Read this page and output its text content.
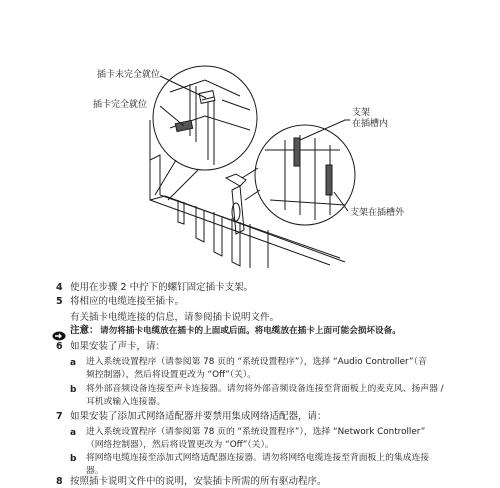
插卡未完全就位
插卡完全就位
支架
在插槽内
支架在插槽外
4 使用在步骤 2 中拧下的螺钉固定插卡支架。
5 将相应的电缆连接至插卡。
有关插卡电缆连接的信息，请参阅插卡说明文件。
注意： 请勿将插卡电缆放在插卡的上面或后面。将电缆放在插卡上面可能会损坏设备。
6 如果安装了声卡，请：
a 进入系统设置程序（请参阅第 78 页的 “系统设置程序”），选择 “Audio Controller”（音
频控制器），然后将设置更改为 “Off”（关）。
b 将外部音频设备连接至声卡连接器。请勿将外部音频设备连接至背面板上的麦克风、扬声器 /
耳机或输入连接器。
7 如果安装了添加式网络适配器并要禁用集成网络适配器，请：
a 进入系统设置程序（请参阅第 78 页的 “系统设置程序”），选择 “Network Controller”
（网络控制器），然后将设置更改为 “Off”（关）。
b 将网络电缆连接至添加式网络适配器连接器。请勿将网络电缆连接至背面板上的集成连接
器。
8 按照插卡说明文件中的说明，安装插卡所需的所有驱动程序。
